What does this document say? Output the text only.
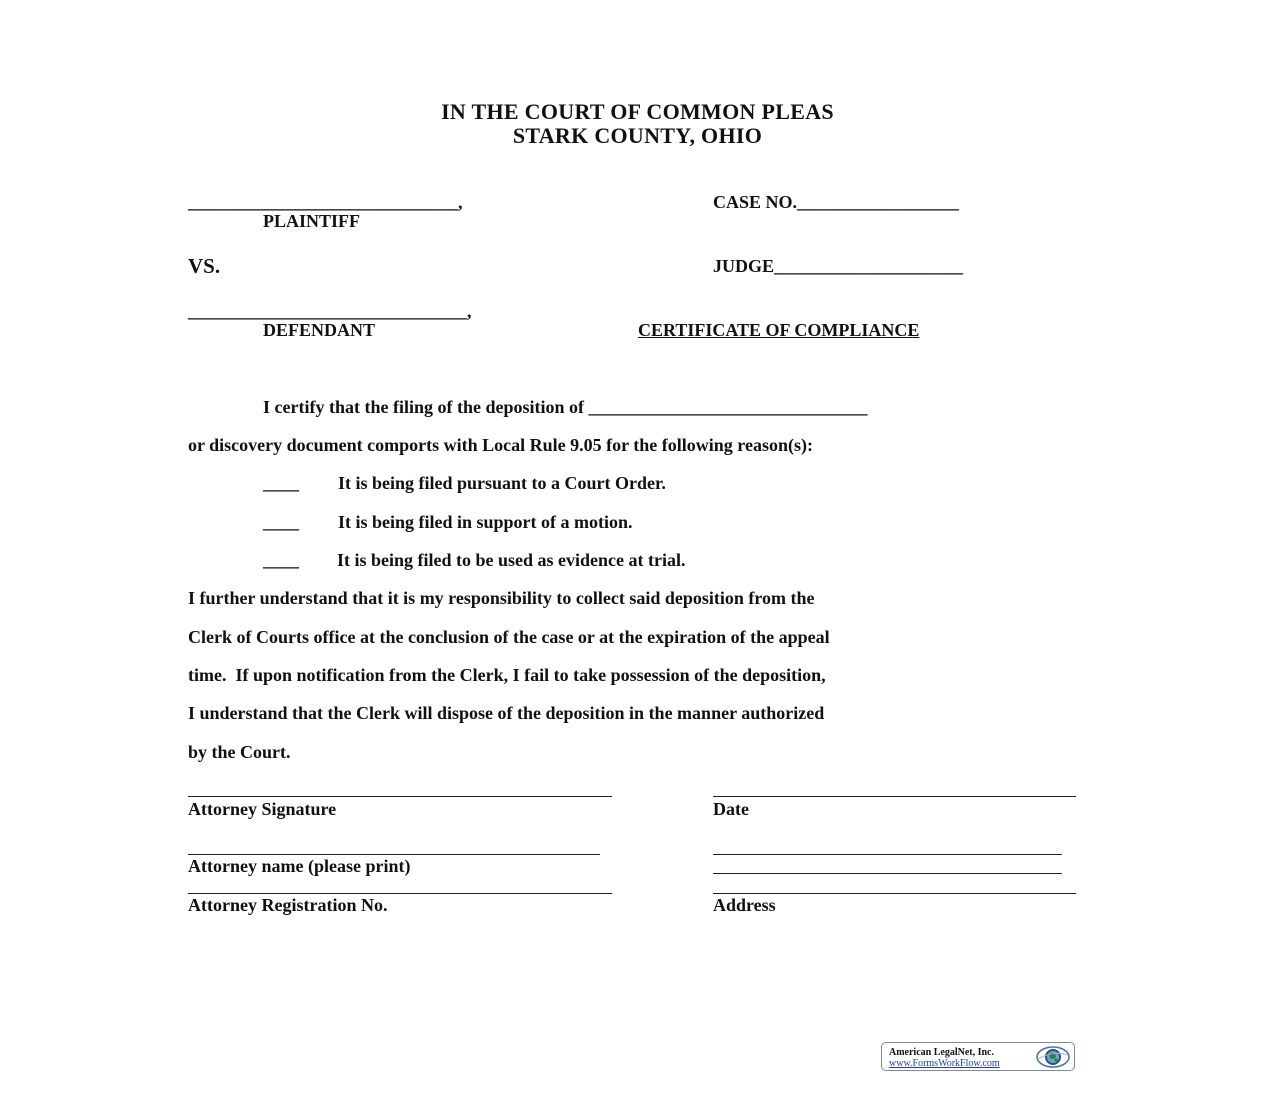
IN THE COURT OF COMMON PLEAS
STARK COUNTY, OHIO
______________________________,
PLAINTIFF
VS.
_______________________________,
DEFENDANT
CASE NO.__________________
JUDGE_____________________
CERTIFICATE OF COMPLIANCE
I certify that the filing of the deposition of _______________________________
or discovery document comports with Local Rule 9.05 for the following reason(s):
____ It is being filed pursuant to a Court Order.
____ It is being filed in support of a motion.
____ It is being filed to be used as evidence at trial.
I further understand that it is my responsibility to collect said deposition from the
Clerk of Courts office at the conclusion of the case or at the expiration of the appeal
time.  If upon notification from the Clerk, I fail to take possession of the deposition,
I understand that the Clerk will dispose of the deposition in the manner authorized
by the Court.
Attorney Signature	Date
Attorney name (please print)
Attorney Registration No.	Address
American LegalNet, Inc.
www.FormsWorkFlow.com
